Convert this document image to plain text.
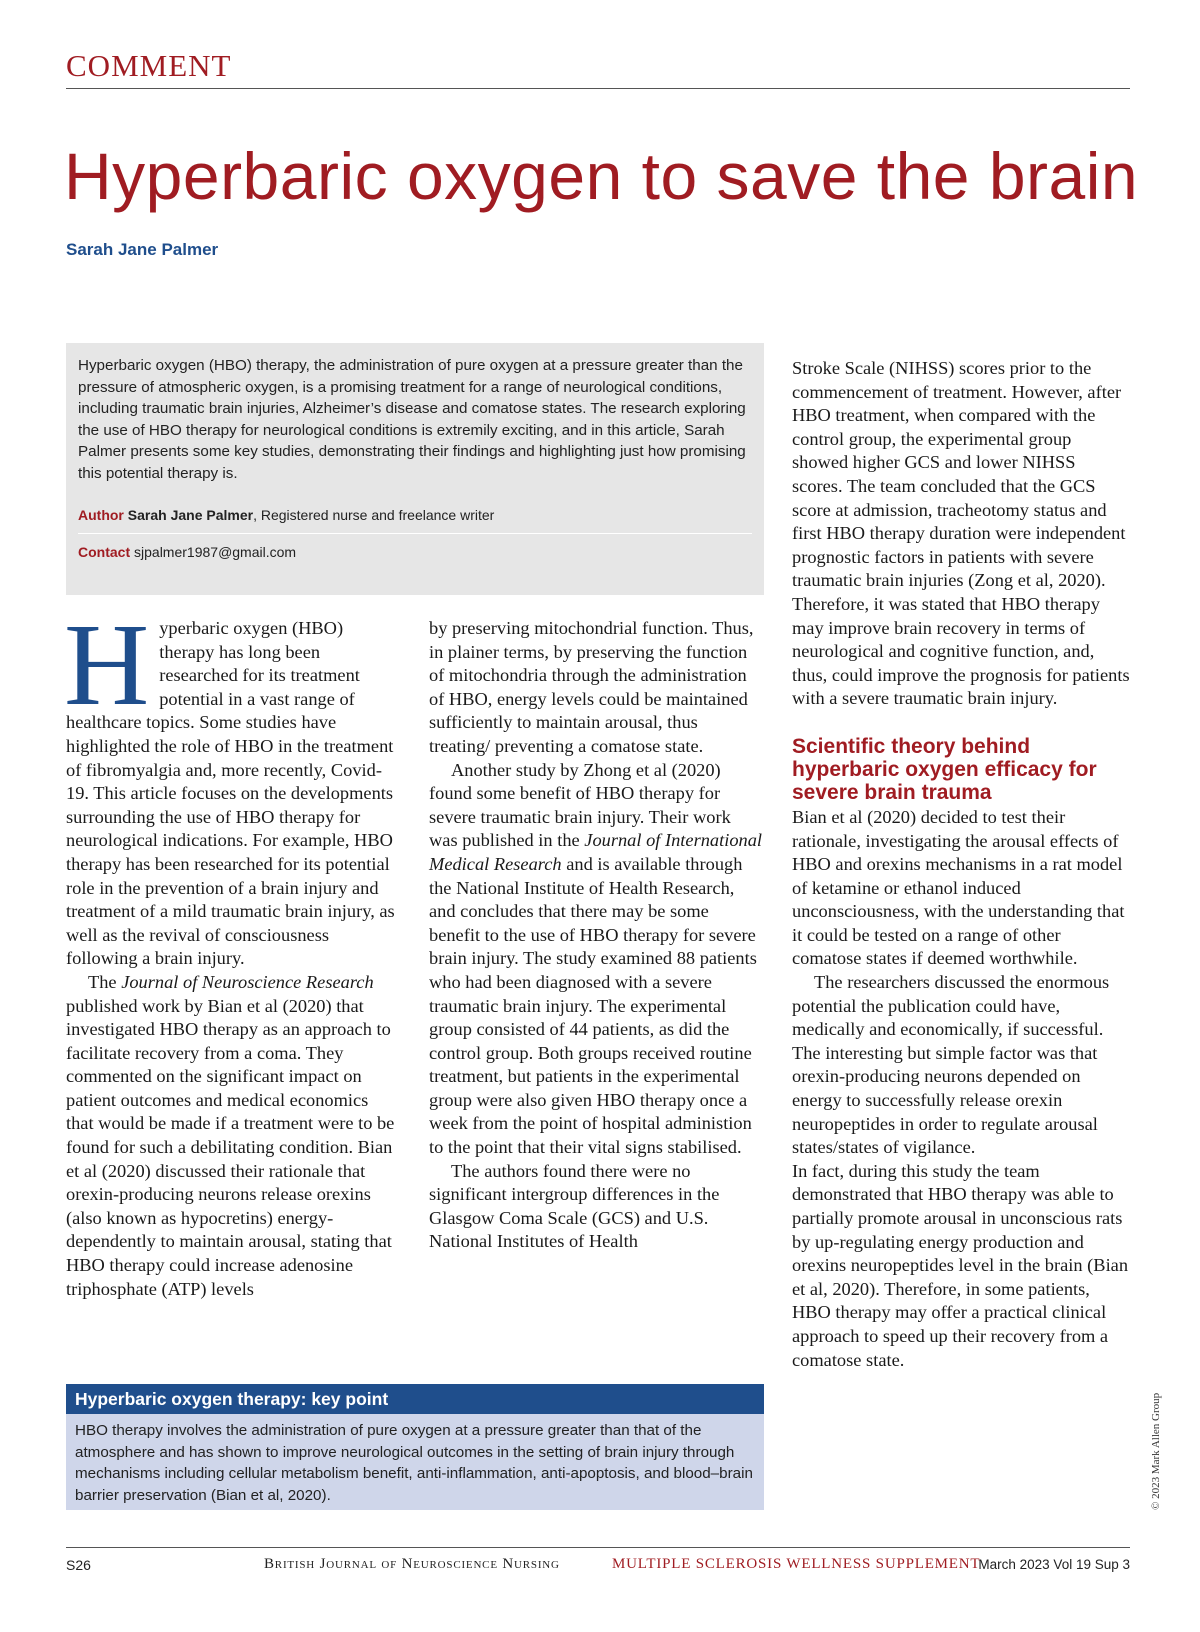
COMMENT
Hyperbaric oxygen to save the brain
Sarah Jane Palmer

Hyperbaric oxygen (HBO) therapy, the administration of pure oxygen at a pressure greater than the pressure of atmospheric oxygen, is a promising treatment for a range of neurological conditions, including traumatic brain injuries, Alzheimer’s disease and comatose states. The research exploring the use of HBO therapy for neurological conditions is extremily exciting, and in this article, Sarah Palmer presents some key studies, demonstrating their findings and highlighting just how promising this potential therapy is.

Author Sarah Jane Palmer, Registered nurse and freelance writer
Contact sjpalmer1987@gmail.com

Hyperbaric oxygen (HBO) therapy has long been researched for its treatment potential in a vast range of healthcare topics. Some studies have highlighted the role of HBO in the treatment of fibromyalgia and, more recently, Covid-19. This article focuses on the developments surrounding the use of HBO therapy for neurological indications. For example, HBO therapy has been researched for its potential role in the prevention of a brain injury and treatment of a mild traumatic brain injury, as well as the revival of consciousness following a brain injury.

The Journal of Neuroscience Research published work by Bian et al (2020) that investigated HBO therapy as an approach to facilitate recovery from a coma. They commented on the significant impact on patient outcomes and medical economics that would be made if a treatment were to be found for such a debilitating condition. Bian et al (2020) discussed their rationale that orexin-producing neurons release orexins (also known as hypocretins) energy-dependently to maintain arousal, stating that HBO therapy could increase adenosine triphosphate (ATP) levels

by preserving mitochondrial function. Thus, in plainer terms, by preserving the function of mitochondria through the administration of HBO, energy levels could be maintained sufficiently to maintain arousal, thus treating/ preventing a comatose state.

Another study by Zhong et al (2020) found some benefit of HBO therapy for severe traumatic brain injury. Their work was published in the Journal of International Medical Research and is available through the National Institute of Health Research, and concludes that there may be some benefit to the use of HBO therapy for severe brain injury. The study examined 88 patients who had been diagnosed with a severe traumatic brain injury. The experimental group consisted of 44 patients, as did the control group. Both groups received routine treatment, but patients in the experimental group were also given HBO therapy once a week from the point of hospital administion to the point that their vital signs stabilised.

The authors found there were no significant intergroup differences in the Glasgow Coma Scale (GCS) and U.S. National Institutes of Health

Stroke Scale (NIHSS) scores prior to the commencement of treatment. However, after HBO treatment, when compared with the control group, the experimental group showed higher GCS and lower NIHSS scores. The team concluded that the GCS score at admission, tracheotomy status and first HBO therapy duration were independent prognostic factors in patients with severe traumatic brain injuries (Zong et al, 2020). Therefore, it was stated that HBO therapy may improve brain recovery in terms of neurological and cognitive function, and, thus, could improve the prognosis for patients with a severe traumatic brain injury.

Scientific theory behind hyperbaric oxygen efficacy for severe brain trauma

Bian et al (2020) decided to test their rationale, investigating the arousal effects of HBO and orexins mechanisms in a rat model of ketamine or ethanol induced unconsciousness, with the understanding that it could be tested on a range of other comatose states if deemed worthwhile.

The researchers discussed the enormous potential the publication could have, medically and economically, if successful. The interesting but simple factor was that orexin-producing neurons depended on energy to successfully release orexin neuropeptides in order to regulate arousal states/states of vigilance.

In fact, during this study the team demonstrated that HBO therapy was able to partially promote arousal in unconscious rats by up-regulating energy production and orexins neuropeptides level in the brain (Bian et al, 2020). Therefore, in some patients, HBO therapy may offer a practical clinical approach to speed up their recovery from a comatose state.

Hyperbaric oxygen therapy: key point

HBO therapy involves the administration of pure oxygen at a pressure greater than that of the atmosphere and has shown to improve neurological outcomes in the setting of brain injury through mechanisms including cellular metabolism benefit, anti-inflammation, anti-apoptosis, and blood–brain barrier preservation (Bian et al, 2020).	© 2023 Mark Allen Group
S26	British Journal of Neuroscience Nursing	MULTIPLE SCLEROSIS WELLNESS SUPPLEMENT
March 2023 Vol 19 Sup 3
